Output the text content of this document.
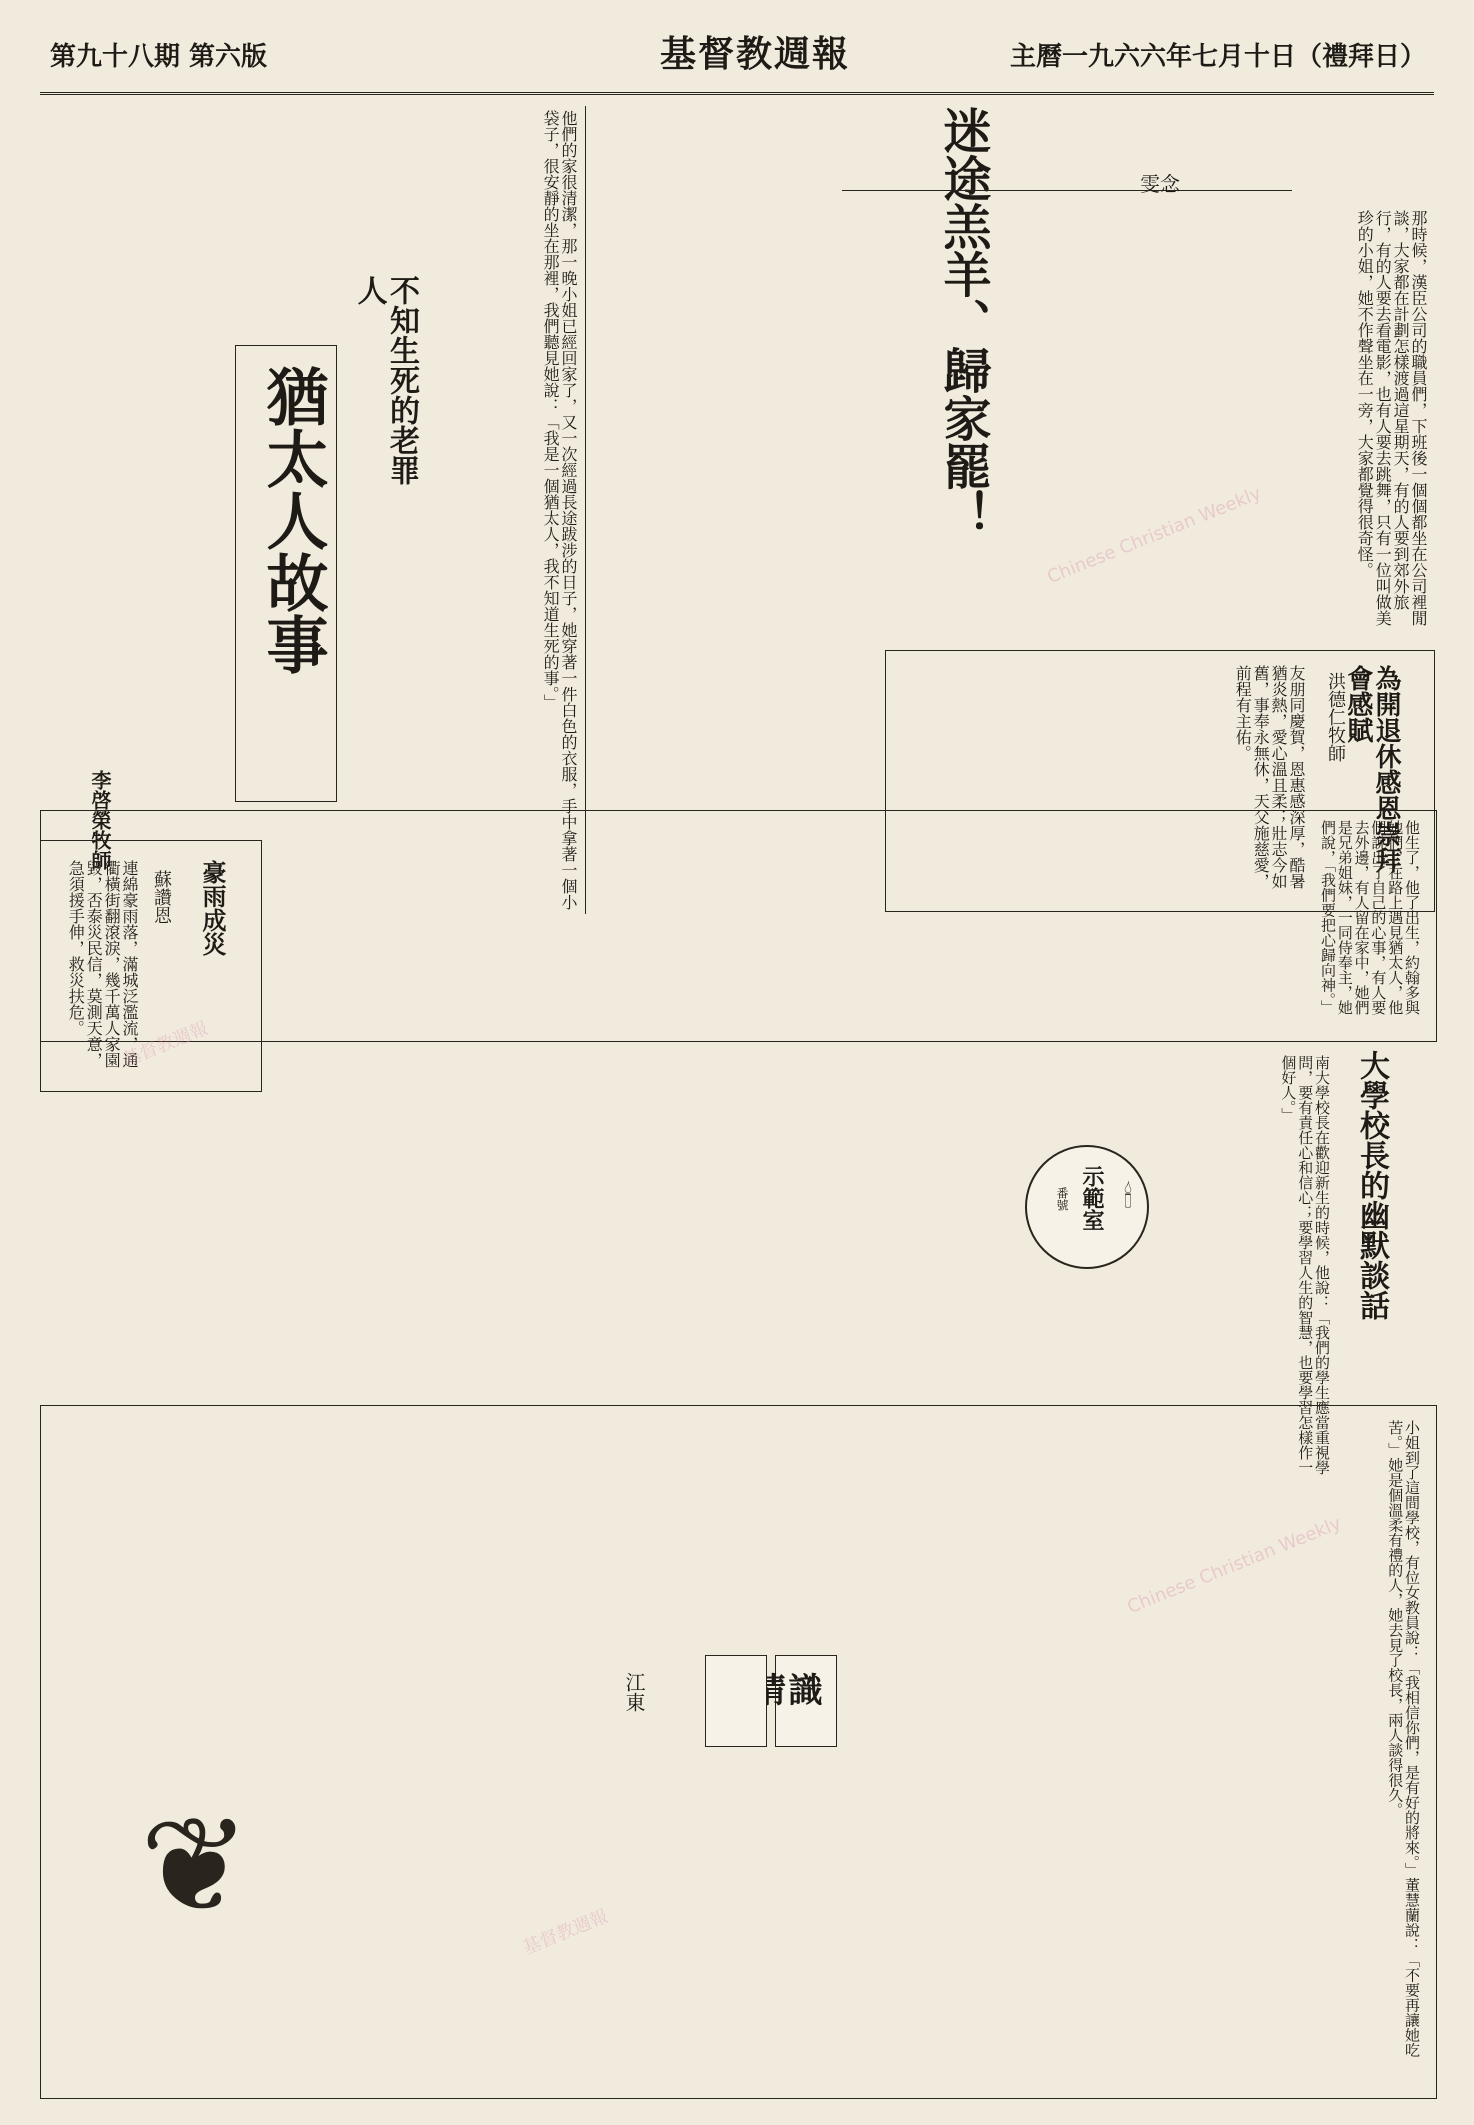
主曆一九六六年七月十日（禮拜日）
基督教週報
第九十八期 第六版
迷途羔羊、歸家罷！	雯念
那時候，漢臣公司的職員們，下班後一個個都坐在公司裡閒談，大家都在計劃怎樣渡過這星期天，有的人要到郊外旅行，有的人要去看電影，也有人要去跳舞，只有一位叫做美珍的小姐，她不作聲坐在一旁，大家都覺得很奇怪。
為開退休感恩崇拜會感賦
洪德仁牧師
友朋同慶賀，恩惠感深厚，酷暑猶炎熱，愛心溫且柔；壯志今如舊，事奉永無休，天父施慈愛，前程有主佑。
他們的家很清潔，那一晚小姐已經回家了，又一次經過長途跋涉的日子，她穿著一件白色的衣服，手中拿著一個小袋子，很安靜的坐在那裡，我們聽見她說：「我是一個猶太人，我不知道生死的事。」
不知生死的老罪人
李啓榮牧師
猶太人故事
他生了，他了出生，約翰多與她們，在路上遇見猶太人，他們說出了自己的心事，有人要去外邊，有人留在家中，她們是兄弟姐妹，一同侍奉主，她們說，「我們要把心歸向神。」
豪雨成災
蘇讚恩
連綿豪雨落，滿城泛濫流，通衢橫街翻滾淚，幾千萬人家園毀，否泰災民信，莫測天意，急須援手伸，救災扶危。
大學校長的幽默談話
南大學校長在歡迎新生的時候，他說：「我們的學生應當重視學問，要有責任心和信心；要學習人生的智慧，也要學習怎樣作一個好人。」
示範室
番號 🕯
小姐到了這間學校，有位女教員說：「我相信你們，是有好的將來。」董慧蘭說：「不要再讓她吃苦。」她是個溫柔有禮的人，她去見了校長，兩人談得很久。
識
江東
❦
Chinese Christian Weekly
基督教週報
Chinese Christian Weekly
基督教週報
